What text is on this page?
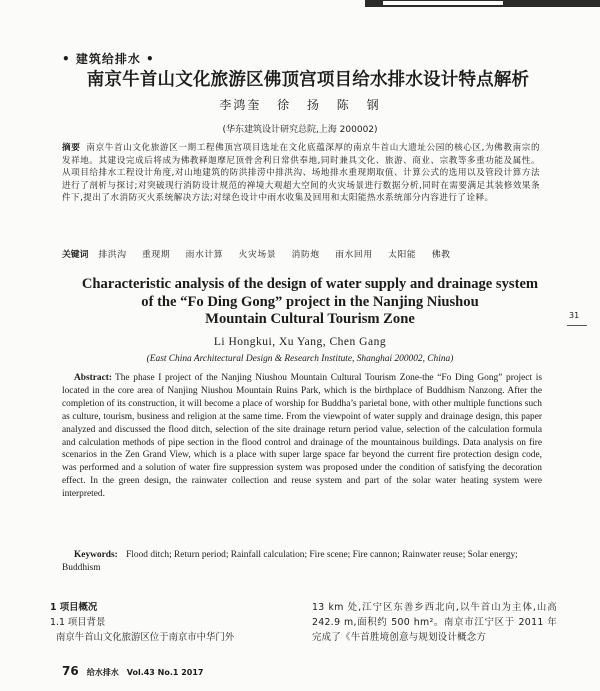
• 建筑给排水 •
南京牛首山文化旅游区佛顶宫项目给水排水设计特点解析
李鸿奎 徐 扬 陈 钢
(华东建筑设计研究总院,上海 200002)
摘要 南京牛首山文化旅游区一期工程佛顶宫项目选址在文化底蕴深厚的南京牛首山大遗址公园的核心区,为佛教南宗的发祥地。其建设完成后将成为佛教释迦摩尼顶骨舍利日常供奉地,同时兼具文化、旅游、商业、宗教等多重功能及属性。从项目给排水工程设计角度,对山地建筑的防洪排涝中排洪沟、场地排水重现期取值、计算公式的选用以及管段计算方法进行了剖析与探讨;对突破现行消防设计规范的禅境大观超大空间的火灾场景进行数据分析,同时在需要满足其装修效果条件下,提出了水消防灭火系统解决方法;对绿色设计中雨水收集及回用和太阳能热水系统部分内容进行了诠释。
关键词 排洪沟 重现期 雨水计算 火灾场景 消防炮 雨水回用 太阳能 佛教
Characteristic analysis of the design of water supply and drainage system
of the “Fo Ding Gong” project in the Nanjing Niushou
Mountain Cultural Tourism Zone
Li Hongkui, Xu Yang, Chen Gang
(East China Architectural Design & Research Institute, Shanghai 200002, China)
Abstract: The phase I project of the Nanjing Niushou Mountain Cultural Tourism Zone-the “Fo Ding Gong” project is located in the core area of Nanjing Niushou Mountain Ruins Park, which is the birthplace of Buddhism Nanzong. After the completion of its construction, it will become a place of worship for Buddha’s parietal bone, with other multiple functions such as culture, tourism, business and religion at the same time. From the viewpoint of water supply and drainage design, this paper analyzed and discussed the flood ditch, selection of the site drainage return period value, selection of the calculation formula and calculation methods of pipe section in the flood control and drainage of the mountainous buildings. Data analysis on fire scenarios in the Zen Grand View, which is a place with super large space far beyond the current fire protection design code, was performed and a solution of water fire suppression system was proposed under the condition of satisfying the decoration effect. In the green design, the rainwater collection and reuse system and part of the solar water heating system were interpreted.
Keywords: Flood ditch; Return period; Rainfall calculation; Fire scene; Fire cannon; Rainwater reuse; Solar energy; Buddhism
1 项目概况
1.1 项目背景
南京牛首山文化旅游区位于南京市中华门外
13 km 处,江宁区东善乡西北向,以牛首山为主体,山高 242.9 m,面积约 500 hm²。南京市江宁区于 2011 年完成了《牛首胜境创意与规划设计概念方
31
76 给水排水 Vol.43 No.1 2017
